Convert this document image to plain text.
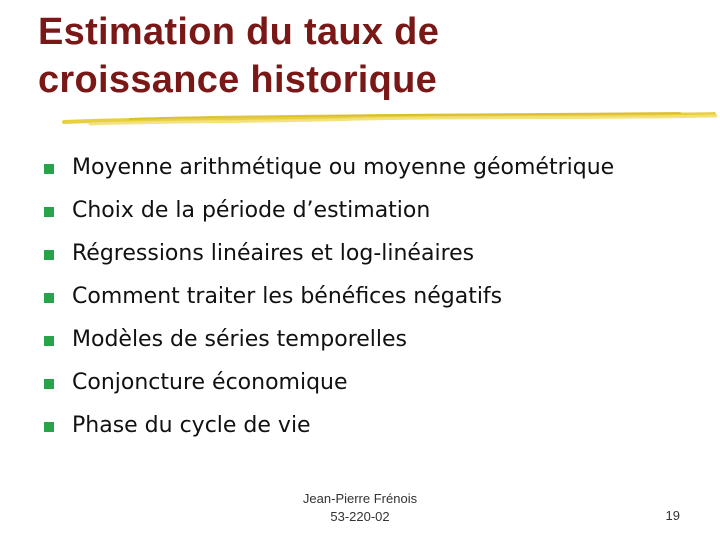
Estimation du taux de
croissance historique
Moyenne arithmétique ou moyenne géométrique
Choix de la période d’estimation
Régressions linéaires et log-linéaires
Comment traiter les bénéfices négatifs
Modèles de séries temporelles
Conjoncture économique
Phase du cycle de vie
Jean-Pierre Frénois
53-220-02	19
